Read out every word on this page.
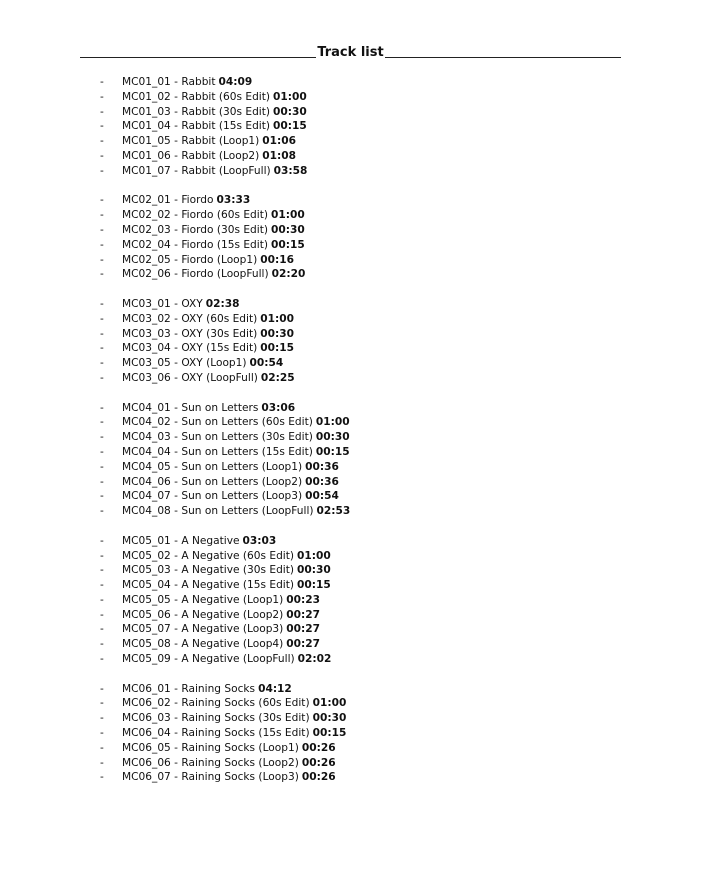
Track list
-	MC01_01 - Rabbit 04:09
-	MC01_02 - Rabbit (60s Edit) 01:00
-	MC01_03 - Rabbit (30s Edit) 00:30
-	MC01_04 - Rabbit (15s Edit) 00:15
-	MC01_05 - Rabbit (Loop1) 01:06
-	MC01_06 - Rabbit (Loop2) 01:08
-	MC01_07 - Rabbit (LoopFull) 03:58
-	MC02_01 - Fiordo 03:33
-	MC02_02 - Fiordo (60s Edit) 01:00
-	MC02_03 - Fiordo (30s Edit) 00:30
-	MC02_04 - Fiordo (15s Edit) 00:15
-	MC02_05 - Fiordo (Loop1) 00:16
-	MC02_06 - Fiordo (LoopFull) 02:20
-	MC03_01 - OXY 02:38
-	MC03_02 - OXY (60s Edit) 01:00
-	MC03_03 - OXY (30s Edit) 00:30
-	MC03_04 - OXY (15s Edit) 00:15
-	MC03_05 - OXY (Loop1) 00:54
-	MC03_06 - OXY (LoopFull) 02:25
-	MC04_01 - Sun on Letters 03:06
-	MC04_02 - Sun on Letters (60s Edit) 01:00
-	MC04_03 - Sun on Letters (30s Edit) 00:30
-	MC04_04 - Sun on Letters (15s Edit) 00:15
-	MC04_05 - Sun on Letters (Loop1) 00:36
-	MC04_06 - Sun on Letters (Loop2) 00:36
-	MC04_07 - Sun on Letters (Loop3) 00:54
-	MC04_08 - Sun on Letters (LoopFull) 02:53
-	MC05_01 - A Negative 03:03
-	MC05_02 - A Negative (60s Edit) 01:00
-	MC05_03 - A Negative (30s Edit) 00:30
-	MC05_04 - A Negative (15s Edit) 00:15
-	MC05_05 - A Negative (Loop1) 00:23
-	MC05_06 - A Negative (Loop2) 00:27
-	MC05_07 - A Negative (Loop3) 00:27
-	MC05_08 - A Negative (Loop4) 00:27
-	MC05_09 - A Negative (LoopFull) 02:02
-	MC06_01 - Raining Socks 04:12
-	MC06_02 - Raining Socks (60s Edit) 01:00
-	MC06_03 - Raining Socks (30s Edit) 00:30
-	MC06_04 - Raining Socks (15s Edit) 00:15
-	MC06_05 - Raining Socks (Loop1) 00:26
-	MC06_06 - Raining Socks (Loop2) 00:26
-	MC06_07 - Raining Socks (Loop3) 00:26
